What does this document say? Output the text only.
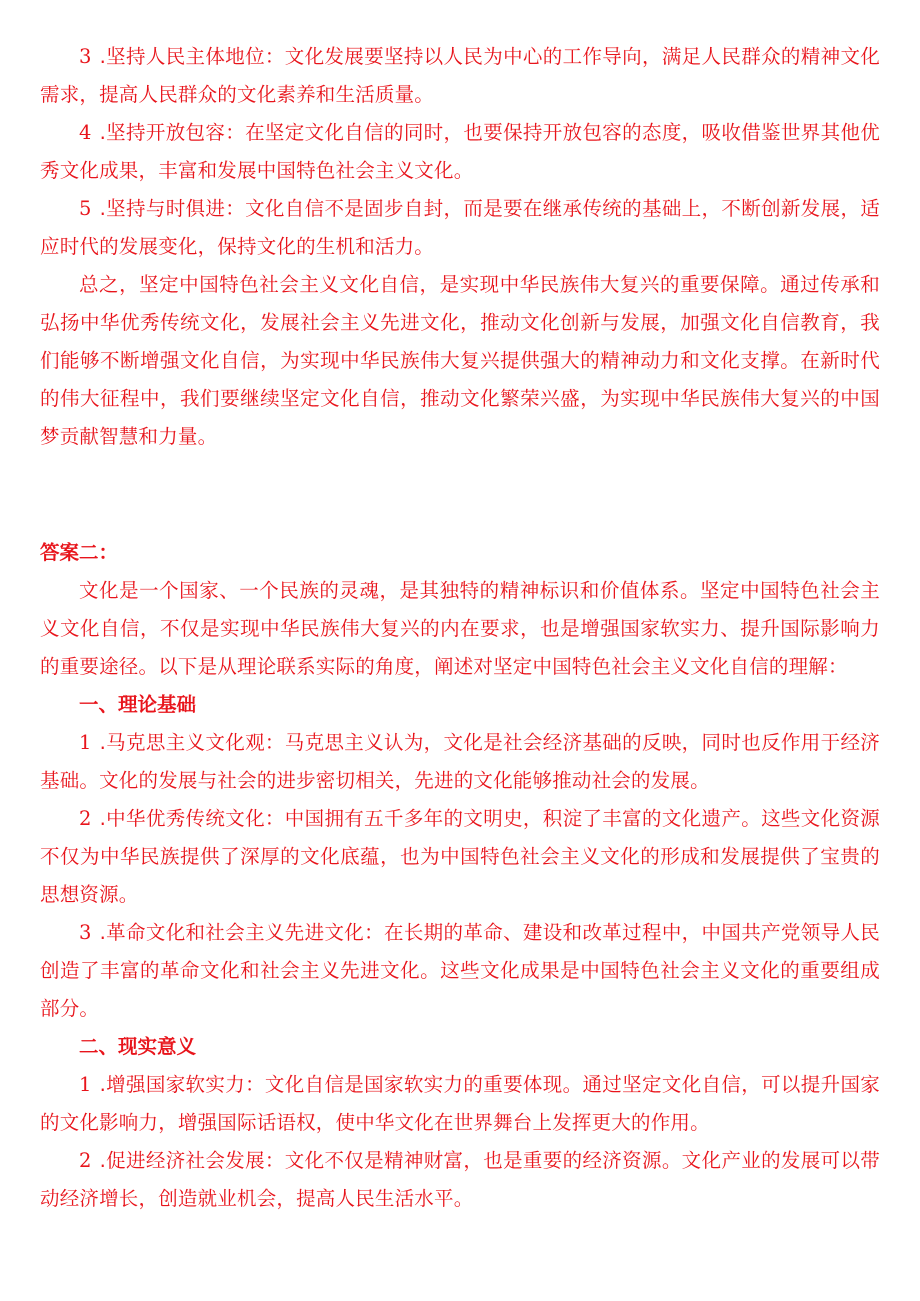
3 .坚持人民主体地位：文化发展要坚持以人民为中心的工作导向，满足人民群众的精神文化需求，提高人民群众的文化素养和生活质量。

4 .坚持开放包容：在坚定文化自信的同时，也要保持开放包容的态度，吸收借鉴世界其他优秀文化成果，丰富和发展中国特色社会主义文化。

5 .坚持与时俱进：文化自信不是固步自封，而是要在继承传统的基础上，不断创新发展，适应时代的发展变化，保持文化的生机和活力。

总之，坚定中国特色社会主义文化自信，是实现中华民族伟大复兴的重要保障。通过传承和弘扬中华优秀传统文化，发展社会主义先进文化，推动文化创新与发展，加强文化自信教育，我们能够不断增强文化自信，为实现中华民族伟大复兴提供强大的精神动力和文化支撑。在新时代的伟大征程中，我们要继续坚定文化自信，推动文化繁荣兴盛，为实现中华民族伟大复兴的中国梦贡献智慧和力量。

答案二：

文化是一个国家、一个民族的灵魂，是其独特的精神标识和价值体系。坚定中国特色社会主义文化自信，不仅是实现中华民族伟大复兴的内在要求，也是增强国家软实力、提升国际影响力的重要途径。以下是从理论联系实际的角度，阐述对坚定中国特色社会主义文化自信的理解：

一、理论基础

1 .马克思主义文化观：马克思主义认为，文化是社会经济基础的反映，同时也反作用于经济基础。文化的发展与社会的进步密切相关，先进的文化能够推动社会的发展。

2 .中华优秀传统文化：中国拥有五千多年的文明史，积淀了丰富的文化遗产。这些文化资源不仅为中华民族提供了深厚的文化底蕴，也为中国特色社会主义文化的形成和发展提供了宝贵的思想资源。

3 .革命文化和社会主义先进文化：在长期的革命、建设和改革过程中，中国共产党领导人民创造了丰富的革命文化和社会主义先进文化。这些文化成果是中国特色社会主义文化的重要组成部分。

二、现实意义

1 .增强国家软实力：文化自信是国家软实力的重要体现。通过坚定文化自信，可以提升国家的文化影响力，增强国际话语权，使中华文化在世界舞台上发挥更大的作用。

2 .促进经济社会发展：文化不仅是精神财富，也是重要的经济资源。文化产业的发展可以带动经济增长，创造就业机会，提高人民生活水平。
